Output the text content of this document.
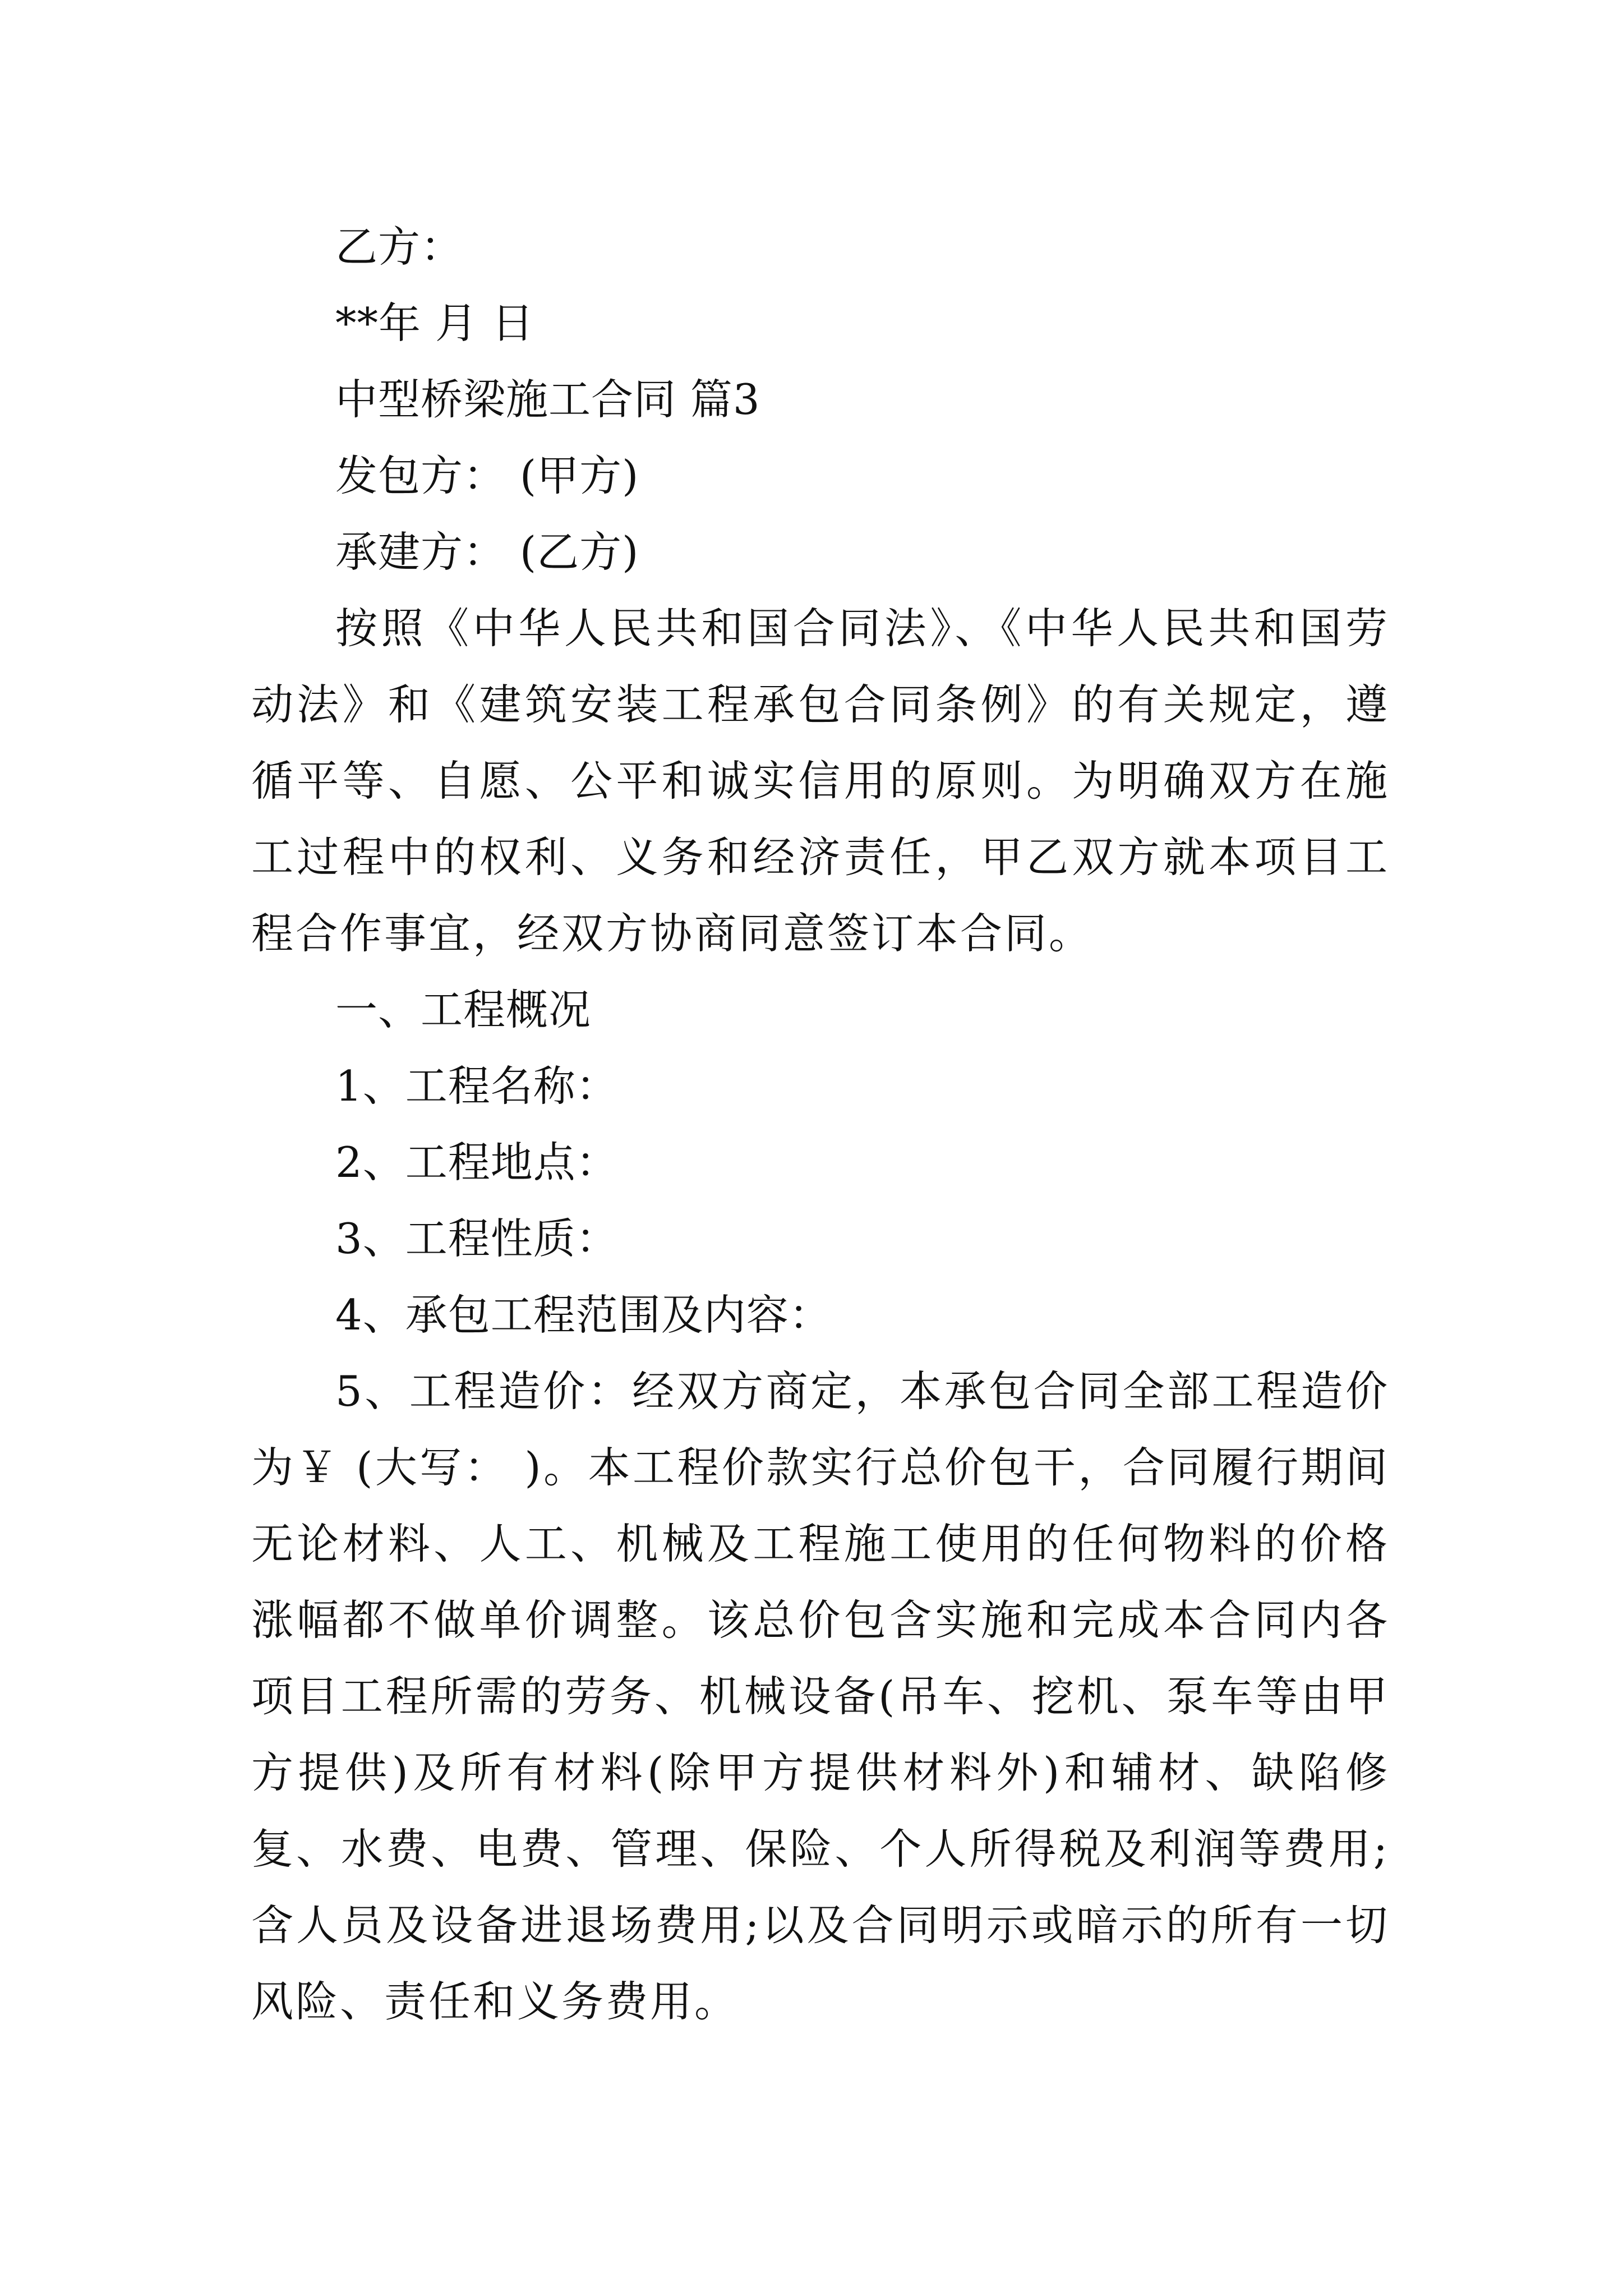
乙方：

**年 月 日

中型桥梁施工合同 篇3

发包方： (甲方)

承建方： (乙方)

按照《中华人民共和国合同法》、《中华人民共和国劳动法》和《建筑安装工程承包合同条例》的有关规定，遵循平等、自愿、公平和诚实信用的原则。为明确双方在施工过程中的权利、义务和经济责任，甲乙双方就本项目工程合作事宜，经双方协商同意签订本合同。

一、工程概况

1、工程名称：

2、工程地点：

3、工程性质：

4、承包工程范围及内容：

5、工程造价：经双方商定，本承包合同全部工程造价为￥ (大写： )。本工程价款实行总价包干，合同履行期间无论材料、人工、机械及工程施工使用的任何物料的价格涨幅都不做单价调整。该总价包含实施和完成本合同内各项目工程所需的劳务、机械设备(吊车、挖机、泵车等由甲方提供)及所有材料(除甲方提供材料外)和辅材、缺陷修复、水费、电费、管理、保险、个人所得税及利润等费用;含人员及设备进退场费用;以及合同明示或暗示的所有一切风险、责任和义务费用。
